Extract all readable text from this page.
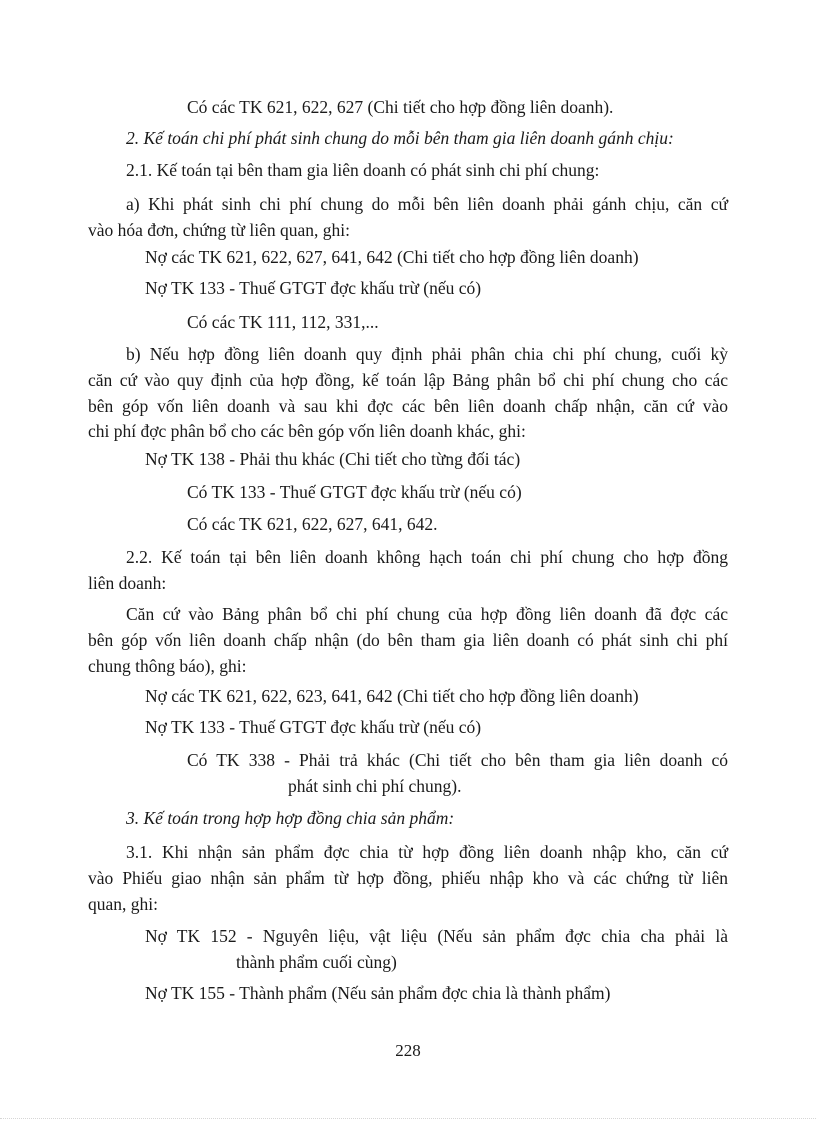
Có các TK 621, 622, 627 (Chi tiết cho hợp đồng liên doanh).
2. Kế toán chi phí phát sinh chung do mỗi bên tham gia liên doanh gánh chịu:
2.1. Kế toán tại bên tham gia liên doanh có phát sinh chi phí chung:
a) Khi phát sinh chi phí chung do mỗi bên liên doanh phải gánh chịu, căn cứ
vào hóa đơn, chứng từ liên quan, ghi:
Nợ các TK 621, 622, 627, 641, 642 (Chi tiết cho hợp đồng liên doanh)
Nợ TK 133 - Thuế GTGT đợc khấu trừ (nếu có)
Có các TK 111, 112, 331,...
b) Nếu hợp đồng liên doanh quy định phải phân chia chi phí chung, cuối kỳ
căn cứ vào quy định của hợp đồng, kế toán lập Bảng phân bổ chi phí chung cho các
bên góp vốn liên doanh và sau khi đợc các bên liên doanh chấp nhận, căn cứ vào
chi phí đợc phân bổ cho các bên góp vốn liên doanh khác, ghi:
Nợ TK 138 - Phải thu khác (Chi tiết cho từng đối tác)
Có TK 133 - Thuế GTGT đợc khấu trừ (nếu có)
Có các TK 621, 622, 627, 641, 642.
2.2. Kế toán tại bên liên doanh không hạch toán chi phí chung cho hợp đồng
liên doanh:
Căn cứ vào Bảng phân bổ chi phí chung của hợp đồng liên doanh đã đợc các
bên góp vốn liên doanh chấp nhận (do bên tham gia liên doanh có phát sinh chi phí
chung thông báo), ghi:
Nợ các TK 621, 622, 623, 641, 642 (Chi tiết cho hợp đồng liên doanh)
Nợ TK 133 - Thuế GTGT đợc khấu trừ (nếu có)
Có TK 338 - Phải trả khác (Chi tiết cho bên tham gia liên doanh có
phát sinh chi phí chung).
3. Kế toán trong hợp hợp đồng chia sản phẩm:
3.1. Khi nhận sản phẩm đợc chia từ hợp đồng liên doanh nhập kho, căn cứ
vào Phiếu giao nhận sản phẩm từ hợp đồng, phiếu nhập kho và các chứng từ liên
quan, ghi:
Nợ TK 152 - Nguyên liệu, vật liệu (Nếu sản phẩm đợc chia cha phải là
thành phẩm cuối cùng)
Nợ TK 155 - Thành phẩm (Nếu sản phẩm đợc chia là thành phẩm)
228
